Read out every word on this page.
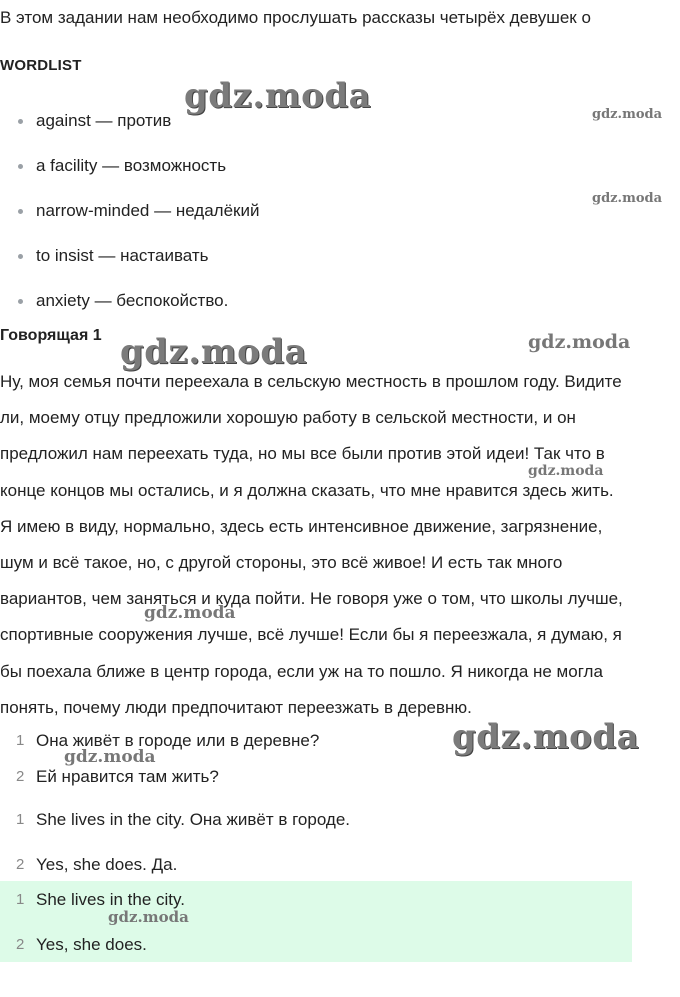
В этом задании нам необходимо прослушать рассказы четырёх девушек о

WORDLIST
against — против
a facility — возможность
narrow-minded — недалёкий
to insist — настаивать
anxiety — беспокойство.
Говорящая 1

Ну, моя семья почти переехала в сельскую местность в прошлом году. Видите
ли, моему отцу предложили хорошую работу в сельской местности, и он
предложил нам переехать туда, но мы все были против этой идеи! Так что в
конце концов мы остались, и я должна сказать, что мне нравится здесь жить.
Я имею в виду, нормально, здесь есть интенсивное движение, загрязнение,
шум и всё такое, но, с другой стороны, это всё живое! И есть так много
вариантов, чем заняться и куда пойти. Не говоря уже о том, что школы лучше,
спортивные сооружения лучше, всё лучше! Если бы я переезжала, я думаю, я
бы поехала ближе в центр города, если уж на то пошло. Я никогда не могла
понять, почему люди предпочитают переезжать в деревню.

1 Она живёт в городе или в деревне?
2 Ей нравится там жить?
1 She lives in the city. Она живёт в городе.
2 Yes, she does. Да.
1 She lives in the city.
2 Yes, she does.
gdz.moda	gdz.moda
gdz.moda
gdz.moda	gdz.moda
gdz.moda
gdz.moda
gdz.moda
gdz.moda
gdz.moda
